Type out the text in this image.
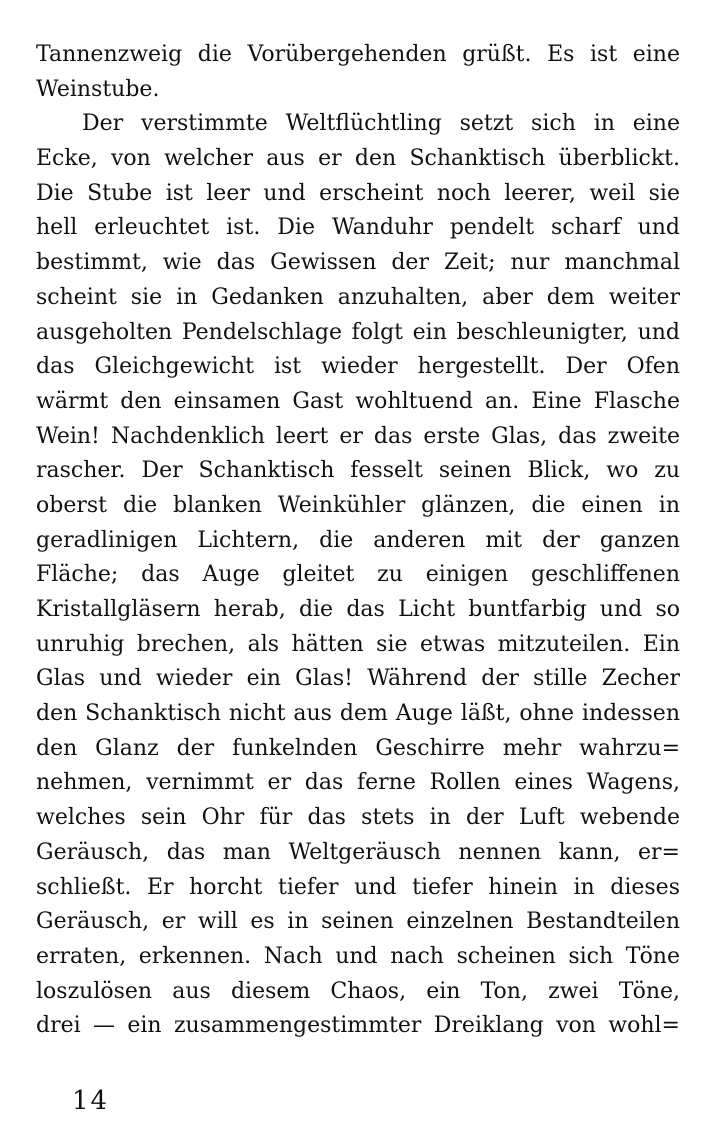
Tannenzweig die Vorübergehenden grüßt. Es ist eine
Weinstube.
Der verstimmte Weltflüchtling setzt sich in eine
Ecke, von welcher aus er den Schanktisch überblickt.
Die Stube ist leer und erscheint noch leerer, weil sie
hell erleuchtet ist. Die Wanduhr pendelt scharf und
bestimmt, wie das Gewissen der Zeit; nur manchmal
scheint sie in Gedanken anzuhalten, aber dem weiter
ausgeholten Pendelschlage folgt ein beschleunigter, und
das Gleichgewicht ist wieder hergestellt. Der Ofen
wärmt den einsamen Gast wohltuend an. Eine Flasche
Wein! Nachdenklich leert er das erste Glas, das zweite
rascher. Der Schanktisch fesselt seinen Blick, wo zu
oberst die blanken Weinkühler glänzen, die einen in
geradlinigen Lichtern, die anderen mit der ganzen
Fläche; das Auge gleitet zu einigen geschliffenen
Kristallgläsern herab, die das Licht buntfarbig und so
unruhig brechen, als hätten sie etwas mitzuteilen. Ein
Glas und wieder ein Glas! Während der stille Zecher
den Schanktisch nicht aus dem Auge läßt, ohne indessen
den Glanz der funkelnden Geschirre mehr wahrzu=
nehmen, vernimmt er das ferne Rollen eines Wagens,
welches sein Ohr für das stets in der Luft webende
Geräusch, das man Weltgeräusch nennen kann, er=
schließt. Er horcht tiefer und tiefer hinein in dieses
Geräusch, er will es in seinen einzelnen Bestandteilen
erraten, erkennen. Nach und nach scheinen sich Töne
loszulösen aus diesem Chaos, ein Ton, zwei Töne,
drei — ein zusammengestimmter Dreiklang von wohl=
14
